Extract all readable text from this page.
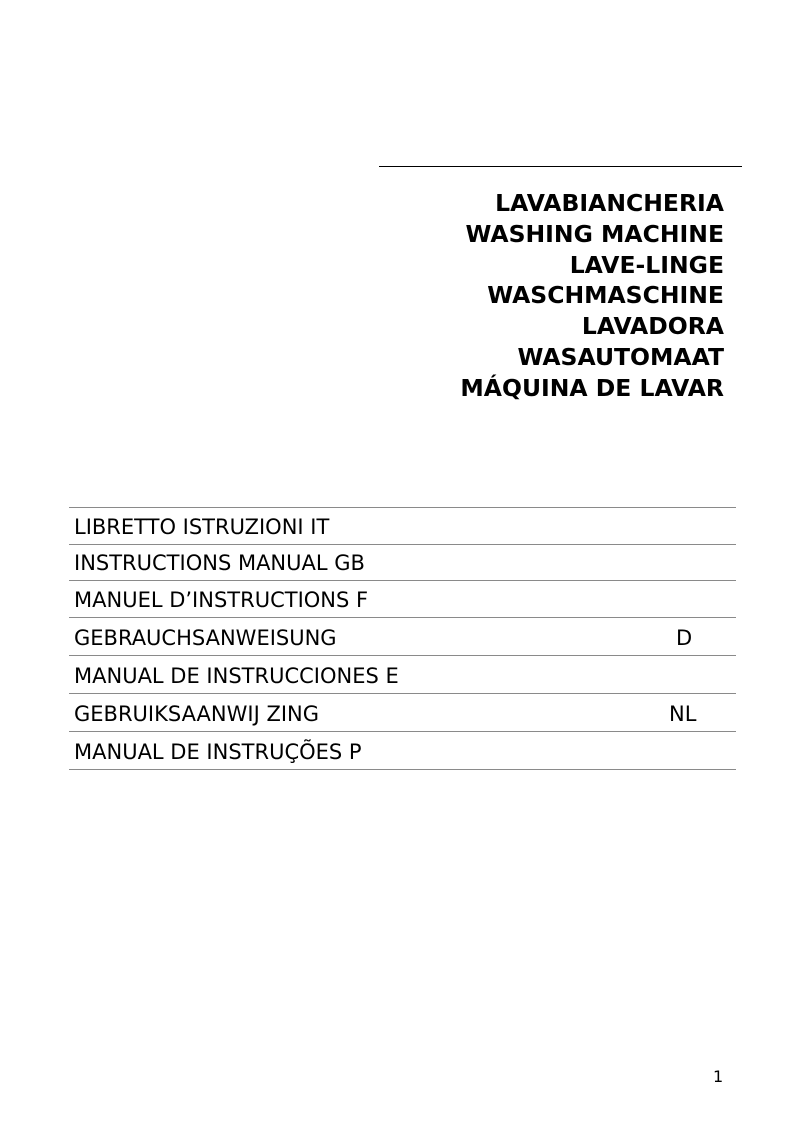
LAVABIANCHERIA
WASHING MACHINE
LAVE-LINGE
WASCHMASCHINE
LAVADORA
WASAUTOMAAT
MÁQUINA DE LAVAR
LIBRETTO ISTRUZIONI IT
INSTRUCTIONS MANUAL GB
MANUEL D’INSTRUCTIONS F
GEBRAUCHSANWEISUNG	D
MANUAL DE INSTRUCCIONES E
GEBRUIKSAANWIJ ZING	NL
MANUAL DE INSTRUÇÕES P
1
